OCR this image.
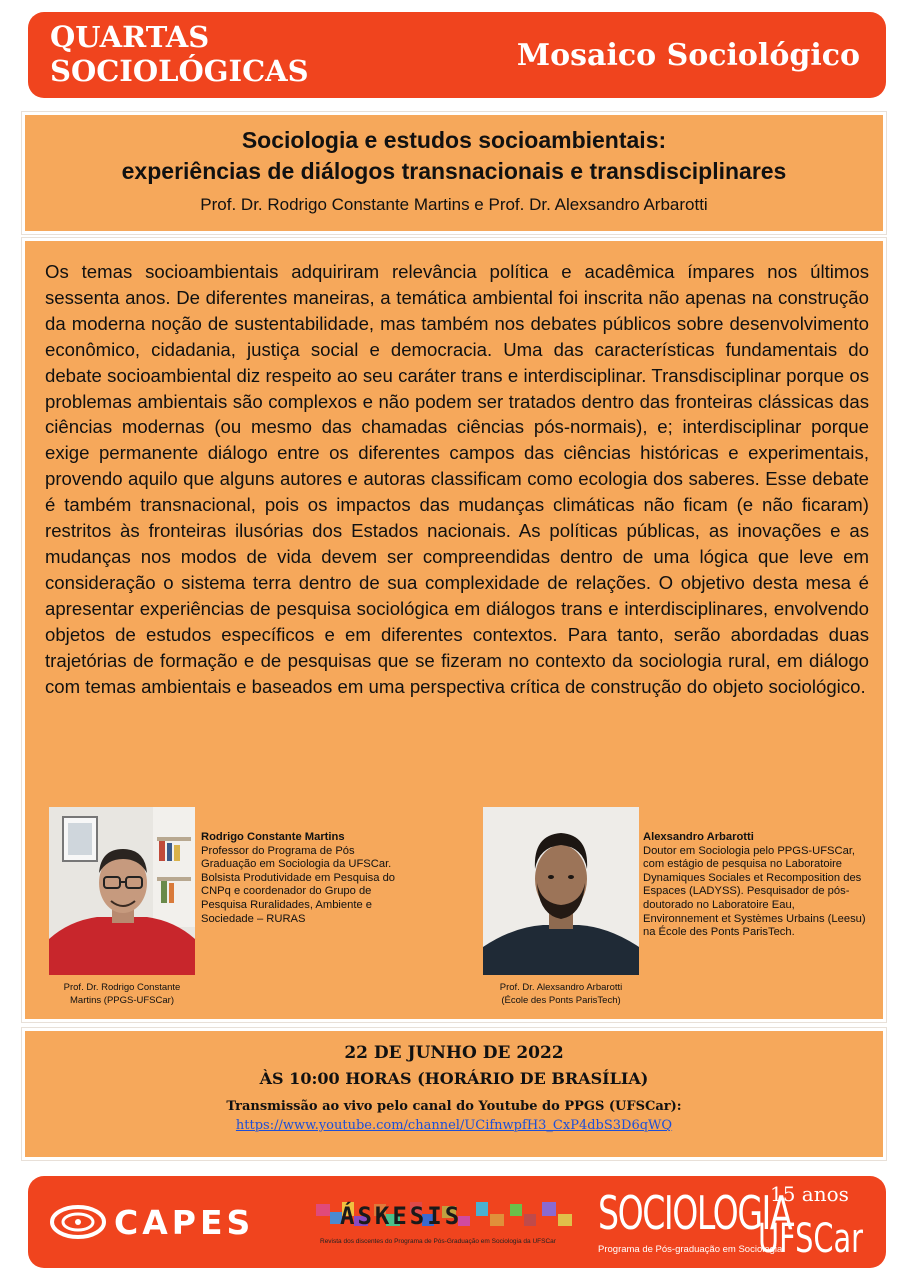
QUARTAS
SOCIOLÓGICAS	Mosaico Sociológico
Sociologia e estudos socioambientais:
experiências de diálogos transnacionais e transdisciplinares
Prof. Dr. Rodrigo Constante Martins e Prof. Dr. Alexsandro Arbarotti

Os temas socioambientais adquiriram relevância política e acadêmica ímpares nos últimos sessenta anos. De diferentes maneiras, a temática ambiental foi inscrita não apenas na construção da moderna noção de sustentabilidade, mas também nos debates públicos sobre desenvolvimento econômico, cidadania, justiça social e democracia. Uma das características fundamentais do debate socioambiental diz respeito ao seu caráter trans e interdisciplinar. Transdisciplinar porque os problemas ambientais são complexos e não podem ser tratados dentro das fronteiras clássicas das ciências modernas (ou mesmo das chamadas ciências pós-normais), e; interdisciplinar porque exige permanente diálogo entre os diferentes campos das ciências históricas e experimentais, provendo aquilo que alguns autores e autoras classificam como ecologia dos saberes. Esse debate é também transnacional, pois os impactos das mudanças climáticas não ficam (e não ficaram) restritos às fronteiras ilusórias dos Estados nacionais. As políticas públicas, as inovações e as mudanças nos modos de vida devem ser compreendidas dentro de uma lógica que leve em consideração o sistema terra dentro de sua complexidade de relações. O objetivo desta mesa é apresentar experiências de pesquisa sociológica em diálogos trans e interdisciplinares, envolvendo objetos de estudos específicos e em diferentes contextos. Para tanto, serão abordadas duas trajetórias de formação e de pesquisas que se fizeram no contexto da sociologia rural, em diálogo com temas ambientais e baseados em uma perspectiva crítica de construção do objeto sociológico.

Prof. Dr. Rodrigo Constante
Martins (PPGS-UFSCar)
Rodrigo Constante Martins
Professor do Programa de Pós Graduação em Sociologia da UFSCar. Bolsista Produtividade em Pesquisa do CNPq e coordenador do Grupo de Pesquisa Ruralidades, Ambiente e Sociedade – RURAS
Prof. Dr. Alexsandro Arbarotti
(École des Ponts ParisTech)
Alexsandro Arbarotti
Doutor em Sociologia pelo PPGS-UFSCar, com estágio de pesquisa no Laboratoire Dynamiques Sociales et Recomposition des Espaces (LADYSS). Pesquisador de pós-doutorado no Laboratoire Eau, Environnement et Systèmes Urbains (Leesu) na École des Ponts ParisTech.
22 DE JUNHO DE 2022
ÀS 10:00 HORAS (HORÁRIO DE BRASÍLIA)
Transmissão ao vivo pelo canal do Youtube do PPGS (UFSCar):
https://www.youtube.com/channel/UCifnwpfH3_CxP4dbS3D6qWQ
CAPES	ÁSKESIS
Revista dos discentes do Programa de Pós-Graduação em Sociologia da UFSCar
SOCIOLOGIA
15 anos
UFSCar
Programa de Pós-graduação em Sociologia
